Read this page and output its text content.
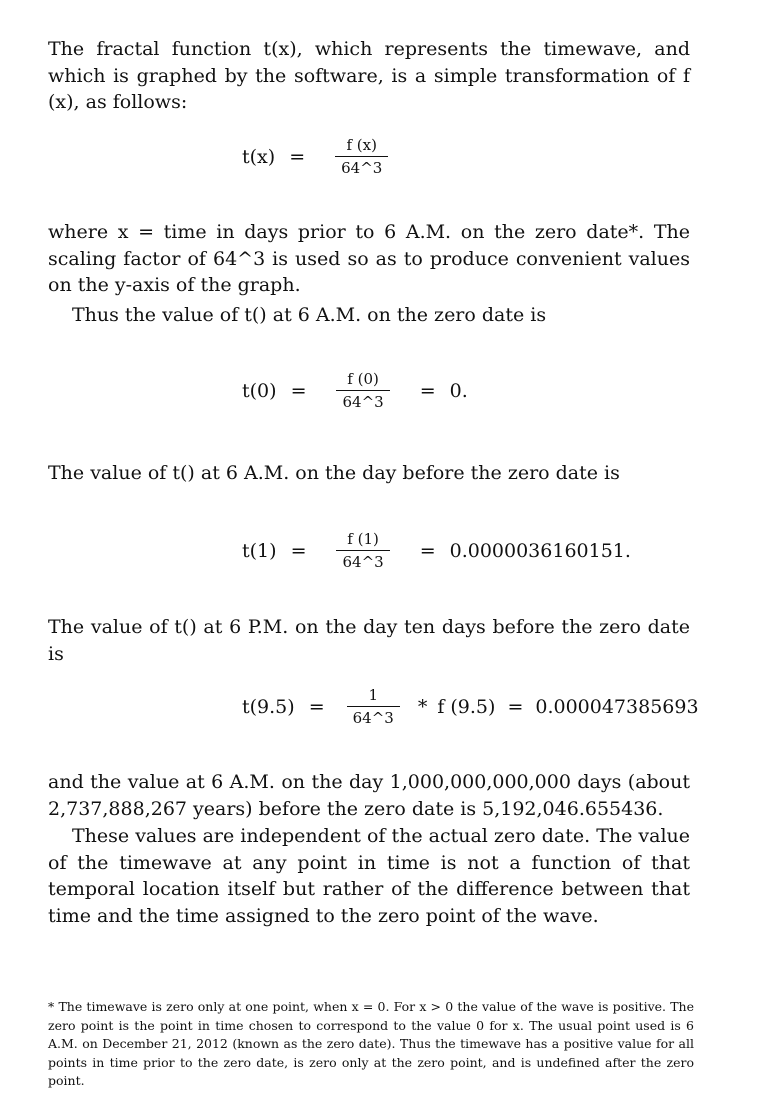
The fractal function t(x), which represents the timewave, and which is graphed by the software, is a simple transformation of f (x), as follows:

$t(x) = \frac{f (x)}{64\^{}3}$

where x = time in days prior to 6 A.M. on the zero date*. The scaling factor of 64^3 is used so as to produce convenient values on the y-axis of the graph.

Thus the value of t() at 6 A.M. on the zero date is

$t(0) = \frac{f (0)}{64\^{}3} = 0$.

The value of t() at 6 A.M. on the day before the zero date is

$t(1) = \frac{f (1)}{64\^{}3} = 0.0000036160151$.

The value of t() at 6 P.M. on the day ten days before the zero date is

$t(9.5) = \frac{1}{64\^{}3} * f$ (9.5) = 0.000047385693

and the value at 6 A.M. on the day 1,000,000,000,000 days (about 2,737,888,267 years) before the zero date is 5,192,046.655436.

These values are independent of the actual zero date. The value of the timewave at any point in time is not a function of that temporal location itself but rather of the difference between that time and the time assigned to the zero point of the wave.

* The timewave is zero only at one point, when x = 0. For x > 0 the value of the wave is positive. The zero point is the point in time chosen to correspond to the value 0 for x. The usual point used is 6 A.M. on December 21, 2012 (known as the zero date). Thus the timewave has a positive value for all points in time prior to the zero date, is zero only at the zero point, and is undefined after the zero point.
